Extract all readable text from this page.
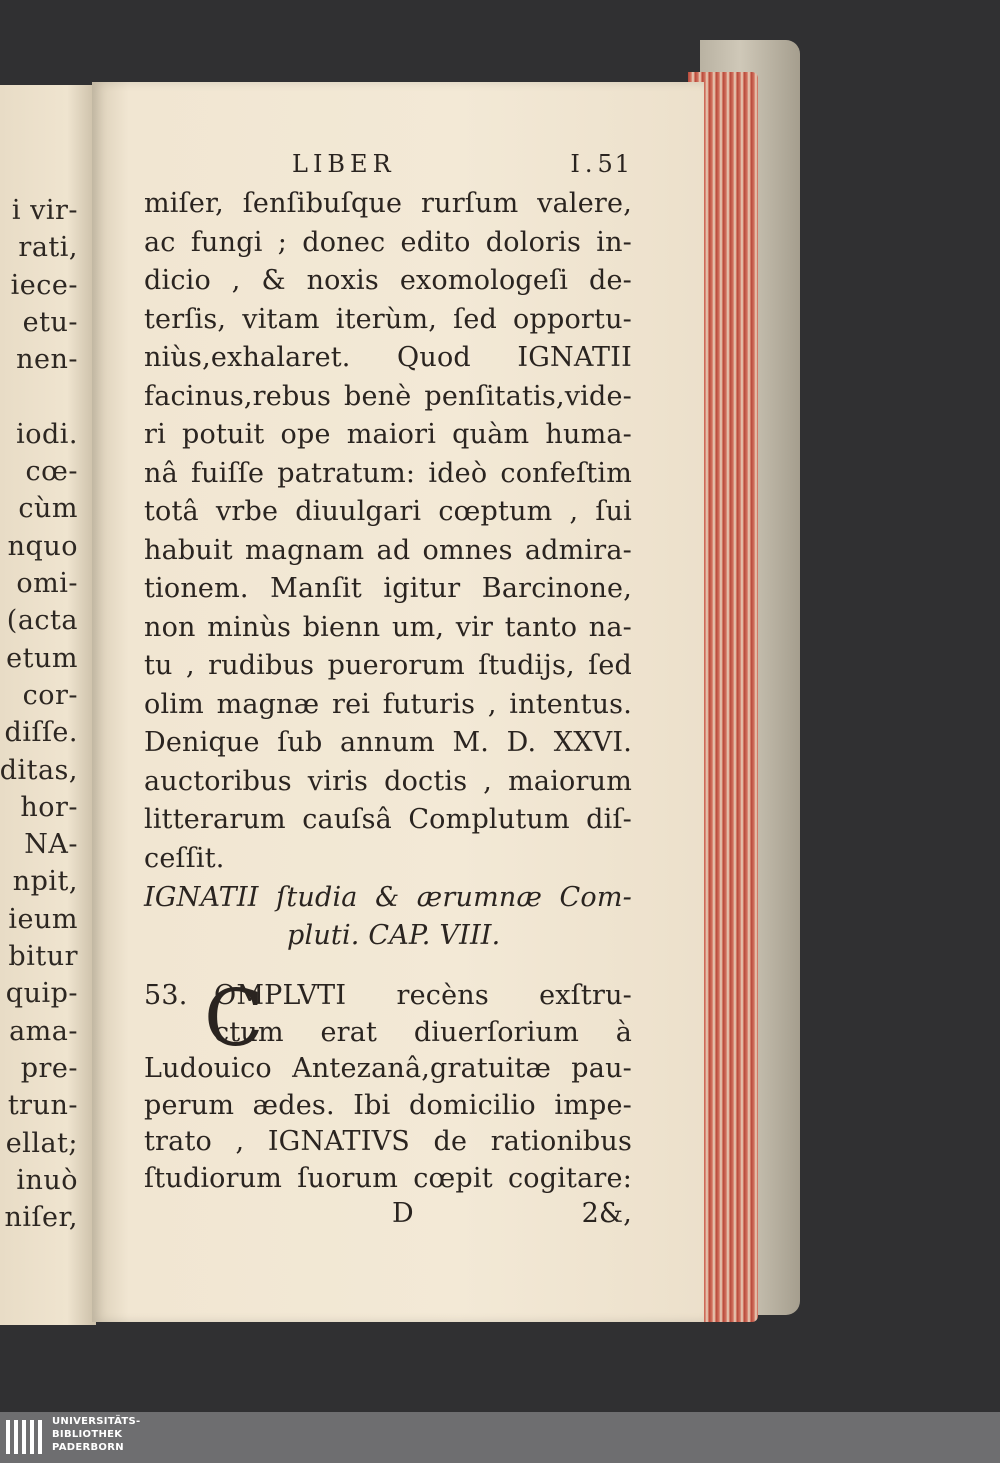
i vir-
rati,
iece-
etu-
nen-
iodi.
cœ-
cùm
nquo
omi-
(acta
etum
cor-
diſſe.
ditas,
hor-
NA-
npit,
ieum
bitur
quip-
ama-
pre-
trun-
ellat;
inuò
niſer,
LIBER I. 51
miſer, ſenſibuſque rurſum valere,
ac fungi ; donec edito doloris in-
dicio , & noxis exomologeſi de-
terſis, vitam iterùm, ſed opportu-
niùs,exhalaret. Quod IGNATII
facinus,rebus benè penſitatis,vide-
ri potuit ope maiori quàm huma-
nâ fuiſſe patratum: ideò confeſtim
totâ vrbe diuulgari cœptum , ſui
habuit magnam ad omnes admira-
tionem. Manſit igitur Barcinone,
non minùs bienn um, vir tanto na-
tu , rudibus puerorum ſtudijs, ſed
olim magnæ rei futuris , intentus.
Denique ſub annum M. D. XXVI.
auctoribus viris doctis , maiorum
litterarum cauſsâ Complutum diſ-
ceſſit.
IGNATII ſtudia & ærumnæ Com-
pluti. CAP. VIII.
53. C
OMPLVTI recèns exſtru-
ctum erat diuerſorium à
Ludouico Antezanâ,gratuitæ pau-
perum ædes. Ibi domicilio impe-
trato , IGNATIVS de rationibus
ſtudiorum ſuorum cœpit cogitare:
D 2 &,
UNIVERSITÄTS-
BIBLIOTHEK
PADERBORN
